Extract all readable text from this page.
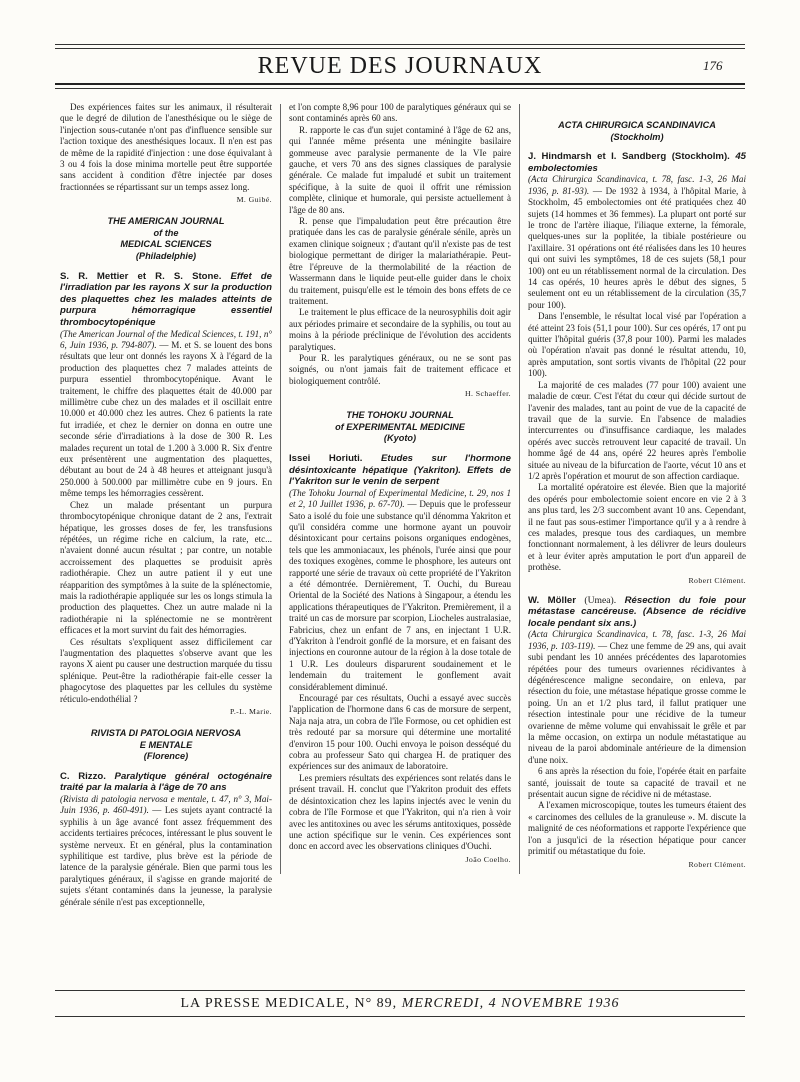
REVUE DES JOURNAUX	176

Des expériences faites sur les animaux, il résulterait que le degré de dilution de l'anesthésique ou le siège de l'injection sous-cutanée n'ont pas d'influence sensible sur l'action toxique des anesthésiques locaux. Il n'en est pas de même de la rapidité d'injection : une dose équivalant à 3 ou 4 fois la dose minima mortelle peut être supportée sans accident à condition d'être injectée par doses fractionnées se répartissant sur un temps assez long.

M. Guibé.
THE AMERICAN JOURNAL
of the
MEDICAL SCIENCES
(Philadelphie)
S. R. Mettier et R. S. Stone. Effet de l'irradiation par les rayons X sur la production des plaquettes chez les malades atteints de purpura hémorragique essentiel thrombocytopénique

(The American Journal of the Medical Sciences, t. 191, n° 6, Juin 1936, p. 794-807). — M. et S. se louent des bons résultats que leur ont donnés les rayons X à l'égard de la production des plaquettes chez 7 malades atteints de purpura essentiel thrombocytopénique. Avant le traitement, le chiffre des plaquettes était de 40.000 par millimètre cube chez un des malades et il oscillait entre 10.000 et 40.000 chez les autres. Chez 6 patients la rate fut irradiée, et chez le dernier on donna en outre une seconde série d'irradiations à la dose de 300 R. Les malades reçurent un total de 1.200 à 3.000 R. Six d'entre eux présentèrent une augmentation des plaquettes, débutant au bout de 24 à 48 heures et atteignant jusqu'à 250.000 à 500.000 par millimètre cube en 9 jours. En même temps les hémorragies cessèrent.

Chez un malade présentant un purpura thrombocytopénique chronique datant de 2 ans, l'extrait hépatique, les grosses doses de fer, les transfusions répétées, un régime riche en calcium, la rate, etc... n'avaient donné aucun résultat ; par contre, un notable accroissement des plaquettes se produisit après radiothérapie. Chez un autre patient il y eut une réapparition des symptômes à la suite de la splénectomie, mais la radiothérapie appliquée sur les os longs stimula la production des plaquettes. Chez un autre malade ni la radiothérapie ni la splénectomie ne se montrèrent efficaces et la mort survint du fait des hémorragies.

Ces résultats s'expliquent assez difficilement car l'augmentation des plaquettes s'observe avant que les rayons X aient pu causer une destruction marquée du tissu splénique. Peut-être la radiothérapie fait-elle cesser la phagocytose des plaquettes par les cellules du système réticulo-endothélial ?

P.-L. Marie.
RIVISTA DI PATOLOGIA NERVOSA
E MENTALE
(Florence)
C. Rizzo. Paralytique général octogénaire traité par la malaria à l'âge de 70 ans

(Rivista di patologia nervosa e mentale, t. 47, n° 3, Mai-Juin 1936, p. 460-491). — Les sujets ayant contracté la syphilis à un âge avancé font assez fréquemment des accidents tertiaires précoces, intéressant le plus souvent le système nerveux. Et en général, plus la contamination syphilitique est tardive, plus brève est la période de latence de la paralysie générale. Bien que parmi tous les paralytiques généraux, il s'agisse en grande majorité de sujets s'étant contaminés dans la jeunesse, la paralysie générale sénile n'est pas exceptionnelle,

et l'on compte 8,96 pour 100 de paralytiques généraux qui se sont contaminés après 60 ans.

R. rapporte le cas d'un sujet contaminé à l'âge de 62 ans, qui l'année même présenta une méningite basilaire gommeuse avec paralysie permanente de la VIe paire gauche, et vers 70 ans des signes classiques de paralysie générale. Ce malade fut impaludé et subit un traitement spécifique, à la suite de quoi il offrit une rémission complète, clinique et humorale, qui persiste actuellement à l'âge de 80 ans.

R. pense que l'impaludation peut être précaution être pratiquée dans les cas de paralysie générale sénile, après un examen clinique soigneux ; d'autant qu'il n'existe pas de test biologique permettant de diriger la malariathérapie. Peut-être l'épreuve de la thermolabilité de la réaction de Wassermann dans le liquide peut-elle guider dans le choix du traitement, puisqu'elle est le témoin des bons effets de ce traitement.

Le traitement le plus efficace de la neurosyphilis doit agir aux périodes primaire et secondaire de la syphilis, ou tout au moins à la période préclinique de l'évolution des accidents paralytiques.

Pour R. les paralytiques généraux, ou ne se sont pas soignés, ou n'ont jamais fait de traitement efficace et biologiquement contrôlé.

H. Schaeffer.
THE TOHOKU JOURNAL
of EXPERIMENTAL MEDICINE
(Kyoto)
Issei Horiuti. Etudes sur l'hormone désintoxicante hépatique (Yakriton). Effets de l'Yakriton sur le venin de serpent

(The Tohoku Journal of Experimental Medicine, t. 29, nos 1 et 2, 10 Juillet 1936, p. 67-70). — Depuis que le professeur Sato a isolé du foie une substance qu'il dénomma Yakriton et qu'il considéra comme une hormone ayant un pouvoir désintoxicant pour certains poisons organiques endogènes, tels que les ammoniacaux, les phénols, l'urée ainsi que pour des toxiques exogènes, comme le phosphore, les auteurs ont rapporté une série de travaux où cette propriété de l'Yakriton a été démontrée. Dernièrement, T. Ouchi, du Bureau Oriental de la Société des Nations à Singapour, a étendu les applications thérapeutiques de l'Yakriton. Premièrement, il a traité un cas de morsure par scorpion, Liocheles australasiae, Fabricius, chez un enfant de 7 ans, en injectant 1 U.R. d'Yakriton à l'endroit gonflé de la morsure, et en faisant des injections en couronne autour de la région à la dose totale de 1 U.R. Les douleurs disparurent soudainement et le lendemain du traitement le gonflement avait considérablement diminué.

Encouragé par ces résultats, Ouchi a essayé avec succès l'application de l'hormone dans 6 cas de morsure de serpent, Naja naja atra, un cobra de l'île Formose, ou cet ophidien est très redouté par sa morsure qui détermine une mortalité d'environ 15 pour 100. Ouchi envoya le poison desséqué du cobra au professeur Sato qui chargea H. de pratiquer des expériences sur des animaux de laboratoire.

Les premiers résultats des expériences sont relatés dans le présent travail. H. conclut que l'Yakriton produit des effets de désintoxication chez les lapins injectés avec le venin du cobra de l'île Formose et que l'Yakriton, qui n'a rien à voir avec les antitoxines ou avec les sérums antitoxiques, possède une action spécifique sur le venin. Ces expériences sont donc en accord avec les observations cliniques d'Ouchi.

João Coelho.
ACTA CHIRURGICA SCANDINAVICA
(Stockholm)
J. Hindmarsh et I. Sandberg (Stockholm). 45 embolectomies

(Acta Chirurgica Scandinavica, t. 78, fasc. 1-3, 26 Mai 1936, p. 81-93). — De 1932 à 1934, à l'hôpital Marie, à Stockholm, 45 embolectomies ont été pratiquées chez 40 sujets (14 hommes et 36 femmes). La plupart ont porté sur le tronc de l'artère iliaque, l'iliaque externe, la fémorale, quelques-unes sur la poplitée, la tibiale postérieure ou l'axillaire. 31 opérations ont été réalisées dans les 10 heures qui ont suivi les symptômes, 18 de ces sujets (58,1 pour 100) ont eu un rétablissement normal de la circulation. Des 14 cas opérés, 10 heures après le début des signes, 5 seulement ont eu un rétablissement de la circulation (35,7 pour 100).

Dans l'ensemble, le résultat local visé par l'opération a été atteint 23 fois (51,1 pour 100). Sur ces opérés, 17 ont pu quitter l'hôpital guéris (37,8 pour 100). Parmi les malades où l'opération n'avait pas donné le résultat attendu, 10, après amputation, sont sortis vivants de l'hôpital (22 pour 100).

La majorité de ces malades (77 pour 100) avaient une maladie de cœur. C'est l'état du cœur qui décide surtout de l'avenir des malades, tant au point de vue de la capacité de travail que de la survie. En l'absence de maladies intercurrentes ou d'insuffisance cardiaque, les malades opérés avec succès retrouvent leur capacité de travail. Un homme âgé de 44 ans, opéré 22 heures après l'embolie située au niveau de la bifurcation de l'aorte, vécut 10 ans et 1/2 après l'opération et mourut de son affection cardiaque.

La mortalité opératoire est élevée. Bien que la majorité des opérés pour embolectomie soient encore en vie 2 à 3 ans plus tard, les 2/3 succombent avant 10 ans. Cependant, il ne faut pas sous-estimer l'importance qu'il y a à rendre à ces malades, presque tous des cardiaques, un membre fonctionnant normalement, à les délivrer de leurs douleurs et à leur éviter après amputation le port d'un appareil de prothèse.

Robert Clément.
W. Möller (Umea). Résection du foie pour métastase cancéreuse. (Absence de récidive locale pendant six ans.)

(Acta Chirurgica Scandinavica, t. 78, fasc. 1-3, 26 Mai 1936, p. 103-119). — Chez une femme de 29 ans, qui avait subi pendant les 10 années précédentes des laparotomies répétées pour des tumeurs ovariennes récidivantes à dégénérescence maligne secondaire, on enleva, par résection du foie, une métastase hépatique grosse comme le poing. Un an et 1/2 plus tard, il fallut pratiquer une résection intestinale pour une récidive de la tumeur ovarienne de même volume qui envahissait le grêle et par la même occasion, on extirpa un nodule métastatique au niveau de la paroi abdominale antérieure de la dimension d'une noix.

6 ans après la résection du foie, l'opérée était en parfaite santé, jouissait de toute sa capacité de travail et ne présentait aucun signe de récidive ni de métastase.

A l'examen microscopique, toutes les tumeurs étaient des « carcinomes des cellules de la granuleuse ». M. discute la malignité de ces néoformations et rapporte l'expérience que l'on a jusqu'ici de la résection hépatique pour cancer primitif ou métastatique du foie.

Robert Clément.
LA PRESSE MEDICALE, N° 89, MERCREDI, 4 NOVEMBRE 1936
